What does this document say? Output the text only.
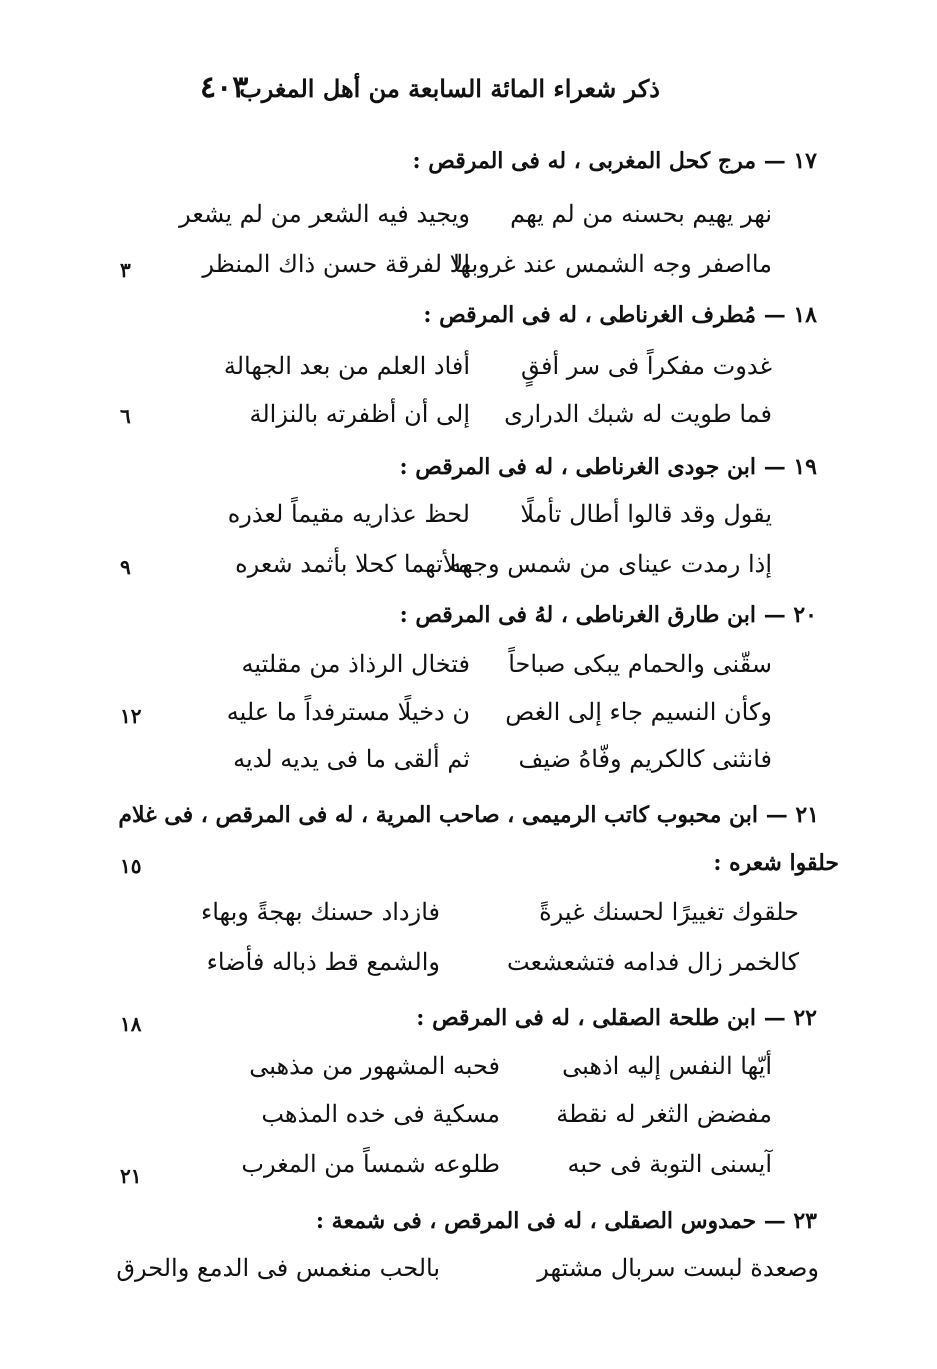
٤٠٣
ذكر شعراء المائة السابعة من أهل المغرب
١٧ — مرج كحل المغربى ، له فى المرقص :
نهر يهيم بحسنه من لم يهم
ويجيد فيه الشعر من لم يشعر
مااصفر وجه الشمس عند غروبها
إلا لفرقة حسن ذاك المنظر
٣
١٨ — مُطرف الغرناطى ، له فى المرقص :
غدوت مفكراً فى سر أفقٍ
أفاد العلم من بعد الجهالة
فما طويت له شبك الدرارى
إلى أن أظفرته بالنزالة
٦
١٩ — ابن جودى الغرناطى ، له فى المرقص :
يقول وقد قالوا أطال تأملًا
لحظ عذاريه مقيماً لعذره
إذا رمدت عيناى من شمس وجهه
ملأتهما كحلا بأثمد شعره
٩
٢٠ — ابن طارق الغرناطى ، لهُ فى المرقص :
سقّنى والحمام يبكى صباحاً
فتخال الرذاذ من مقلتيه
وكأن النسيم جاء إلى الغص
ن دخيلًا مسترفداً ما عليه
١٢
فانثنى كالكريم وفّاهُ ضيف
ثم ألقى ما فى يديه لديه
٢١ — ابن محبوب كاتب الرميمى ، صاحب المرية ، له فى المرقص ، فى غلام
حلقوا شعره :
١٥
حلقوك تغييرًا لحسنك غيرةً
فازداد حسنك بهجةً وبهاء
كالخمر زال فدامه فتشعشعت
والشمع قط ذباله فأضاء
٢٢ — ابن طلحة الصقلى ، له فى المرقص :
١٨
أيّها النفس إليه اذهبى
فحبه المشهور من مذهبى
مفضض الثغر له نقطة
مسكية فى خده المذهب
آيسنى التوبة فى حبه
طلوعه شمساً من المغرب
٢١
٢٣ — حمدوس الصقلى ، له فى المرقص ، فى شمعة :
وصعدة لبست سربال مشتهر
بالحب منغمس فى الدمع والحرق
